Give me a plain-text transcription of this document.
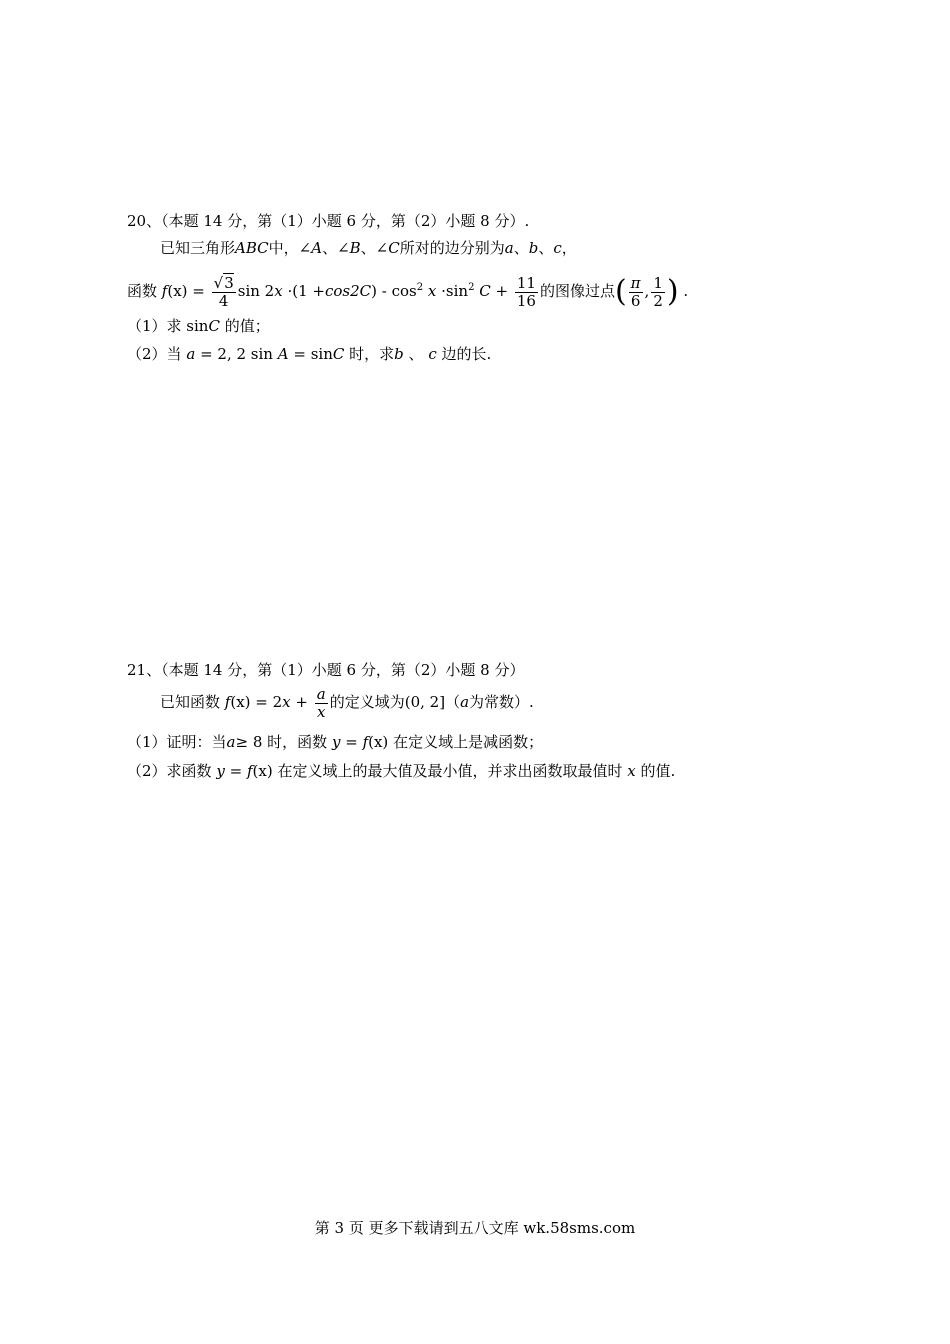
20、（本题 14 分，第（1）小题 6 分，第（2）小题 8 分）.
已知三角形ABC中，∠A、∠B、∠C所对的边分别为a、b、c，
函数 $f(x) = \frac{√3}{4}$ $\sin 2x \cdot(1 +\cos 2C) - \cos^2 x \cdot\sin^2$ $C + \frac{11}{16}$ 的图像过点( $\frac{\pi}{6}$ , $\frac{1}{2}$ ) .
（1）求 sinC 的值；
（2）当 a = 2, 2 sin A = sinC 时，求b 、 c 边的长.
21、（本题 14 分，第（1）小题 6 分，第（2）小题 8 分）
已知函数 $f(x) = 2x + \frac{a}{x}$ 的定义域为(0, 2]（a为常数）.
（1）证明：当a≥ 8 时，函数 y = f(x) 在定义域上是减函数；
（2）求函数 y = f(x) 在定义域上的最大值及最小值，并求出函数取最值时 x 的值.
第 3 页 更多下载请到五八文库 wk.58sms.com
